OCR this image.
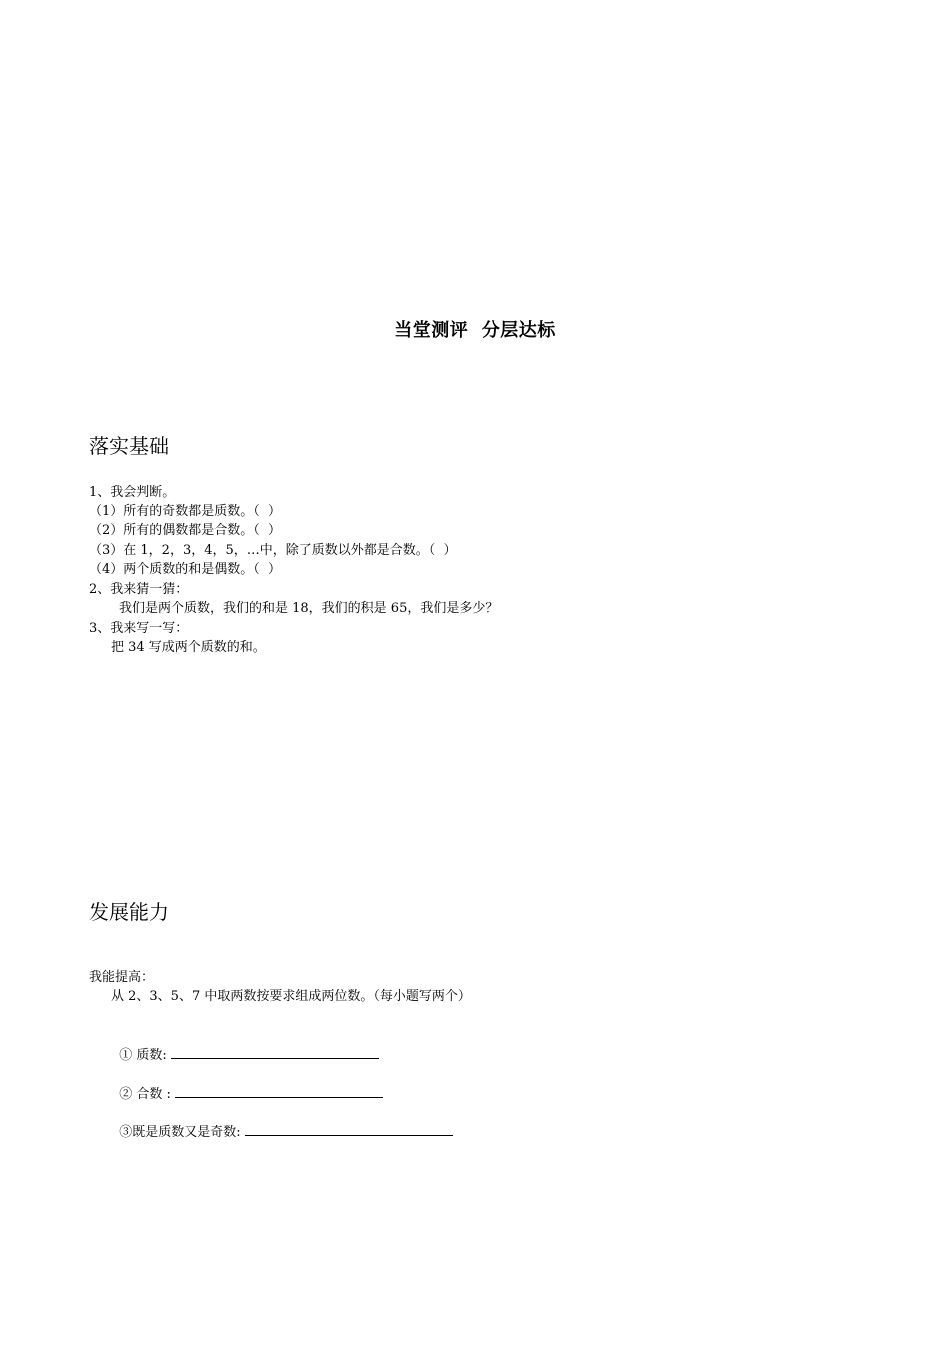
当堂测评  分层达标
落实基础
1、我会判断。
（1）所有的奇数都是质数。（  ）
（2）所有的偶数都是合数。（  ）
（3）在 1，2，3，4，5，…中，除了质数以外都是合数。（  ）
（4）两个质数的和是偶数。（  ）
2、我来猜一猜：
我们是两个质数，我们的和是 18，我们的积是 65，我们是多少？
3、我来写一写：
把 34 写成两个质数的和。
发展能力
我能提高：
从 2、3、5、7 中取两数按要求组成两位数。（每小题写两个）

① 质数:

② 合数 :

③既是质数又是奇数:
